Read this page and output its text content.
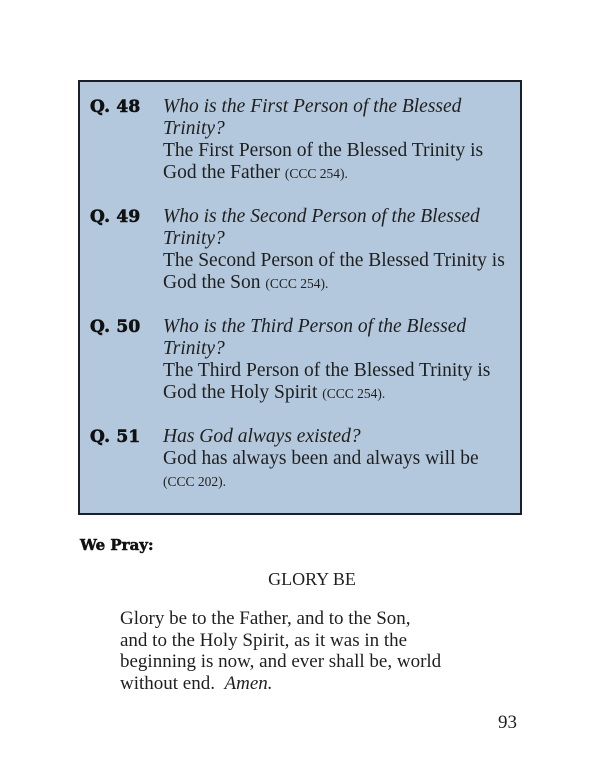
Q. 48 Who is the First Person of the Blessed
Trinity?
The First Person of the Blessed Trinity is
God the Father (CCC 254).
Q. 49 Who is the Second Person of the Blessed
Trinity?
The Second Person of the Blessed Trinity is
God the Son (CCC 254).
Q. 50 Who is the Third Person of the Blessed
Trinity?
The Third Person of the Blessed Trinity is
God the Holy Spirit (CCC 254).
Q. 51 Has God always existed?
God has always been and always will be
(CCC 202).
We Pray:
GLORY BE
Glory be to the Father, and to the Son,
and to the Holy Spirit, as it was in the
beginning is now, and ever shall be, world
without end. Amen.
93
